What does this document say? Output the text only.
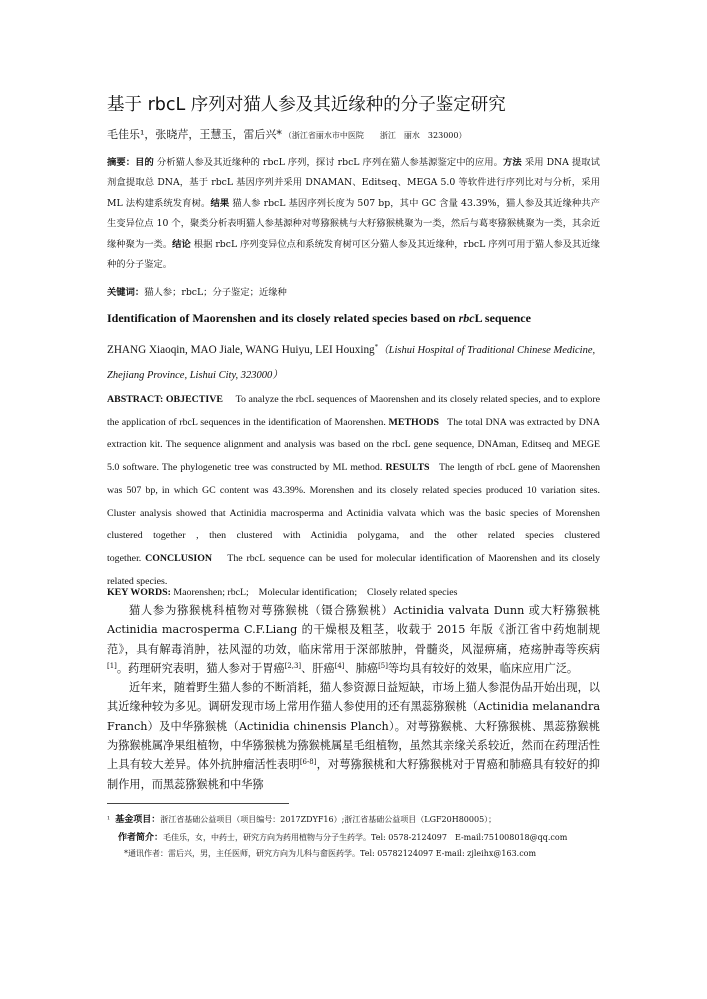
基于 rbcL 序列对猫人参及其近缘种的分子鉴定研究
毛佳乐¹，张晓芹，王慧玉，雷后兴* （浙江省丽水市中医院　　浙江　丽水　323000）
摘要：目的 分析猫人参及其近缘种的 rbcL 序列，探讨 rbcL 序列在猫人参基源鉴定中的应用。方法 采用 DNA 提取试剂盒提取总 DNA，基于 rbcL 基因序列并采用 DNAMAN、Editseq、MEGA 5.0 等软件进行序列比对与分析，采用 ML 法构建系统发育树。结果 猫人参 rbcL 基因序列长度为 507 bp，其中 GC 含量 43.39%，猫人参及其近缘种共产生变异位点 10 个，聚类分析表明猫人参基源种对萼猕猴桃与大籽猕猴桃聚为一类，然后与葛枣猕猴桃聚为一类，其余近缘种聚为一类。结论 根据 rbcL 序列变异位点和系统发育树可区分猫人参及其近缘种，rbcL 序列可用于猫人参及其近缘种的分子鉴定。
关键词：猫人参；rbcL；分子鉴定；近缘种
Identification of Maorenshen and its closely related species based on rbcL sequence
ZHANG Xiaoqin, MAO Jiale, WANG Huiyu, LEI Houxing*（Lishui Hospital of Traditional Chinese Medicine, Zhejiang Province, Lishui City, 323000）
ABSTRACT: OBJECTIVE To analyze the rbcL sequences of Maorenshen and its closely related species, and to explore the application of rbcL sequences in the identification of Maorenshen. METHODS The total DNA was extracted by DNA extraction kit. The sequence alignment and analysis was based on the rbcL gene sequence, DNAman, Editseq and MEGE 5.0 software. The phylogenetic tree was constructed by ML method. RESULTS The length of rbcL gene of Maorenshen was 507 bp, in which GC content was 43.39%. Morenshen and its closely related species produced 10 variation sites. Cluster analysis showed that Actinidia macrosperma and Actinidia valvata which was the basic species of Morenshen clustered together , then clustered with Actinidia polygama, and the other related species clustered together. CONCLUSION The rbcL sequence can be used for molecular identification of Maorenshen and its closely related species.
KEY WORDS: Maorenshen; rbcL;　Molecular identification;　Closely related species

猫人参为猕猴桃科植物对萼猕猴桃（镊合猕猴桃）Actinidia valvata Dunn 或大籽猕猴桃 Actinidia macrosperma C.F.Liang 的干燥根及粗茎，收载于 2015 年版《浙江省中药炮制规范》，具有解毒消肿，祛风湿的功效，临床常用于深部脓肿，骨髓炎，风湿痹痛，疮疡肿毒等疾病[1]。药理研究表明，猫人参对于胃癌[2,3]、肝癌[4]、肺癌[5]等均具有较好的效果，临床应用广泛。

近年来，随着野生猫人参的不断消耗，猫人参资源日益短缺，市场上猫人参混伪品开始出现，以其近缘种较为多见。调研发现市场上常用作猫人参使用的还有黑蕊猕猴桃（Actinidia melanandra Franch）及中华猕猴桃（Actinidia chinensis Planch）。对萼猕猴桃、大籽猕猴桃、黑蕊猕猴桃为猕猴桃属净果组植物，中华猕猴桃为猕猴桃属星毛组植物，虽然其亲缘关系较近，然而在药理活性上具有较大差异。体外抗肿瘤活性表明[6-8]，对萼猕猴桃和大籽猕猴桃对于胃癌和肺癌具有较好的抑制作用，而黑蕊猕猴桃和中华猕

$^1$ 基金项目：浙江省基础公益项目（项目编号：2017ZDYF16）;浙江省基础公益项目（LGF20H80005）；
作者简介：毛佳乐，女，中药士，研究方向为药用植物与分子生药学。Tel: 0578-2124097　E-mail:751008018@qq.com
*通讯作者：雷后兴，男，主任医师，研究方向为儿科与畲医药学。Tel: 05782124097 E-mail: zjleihx@163.com
